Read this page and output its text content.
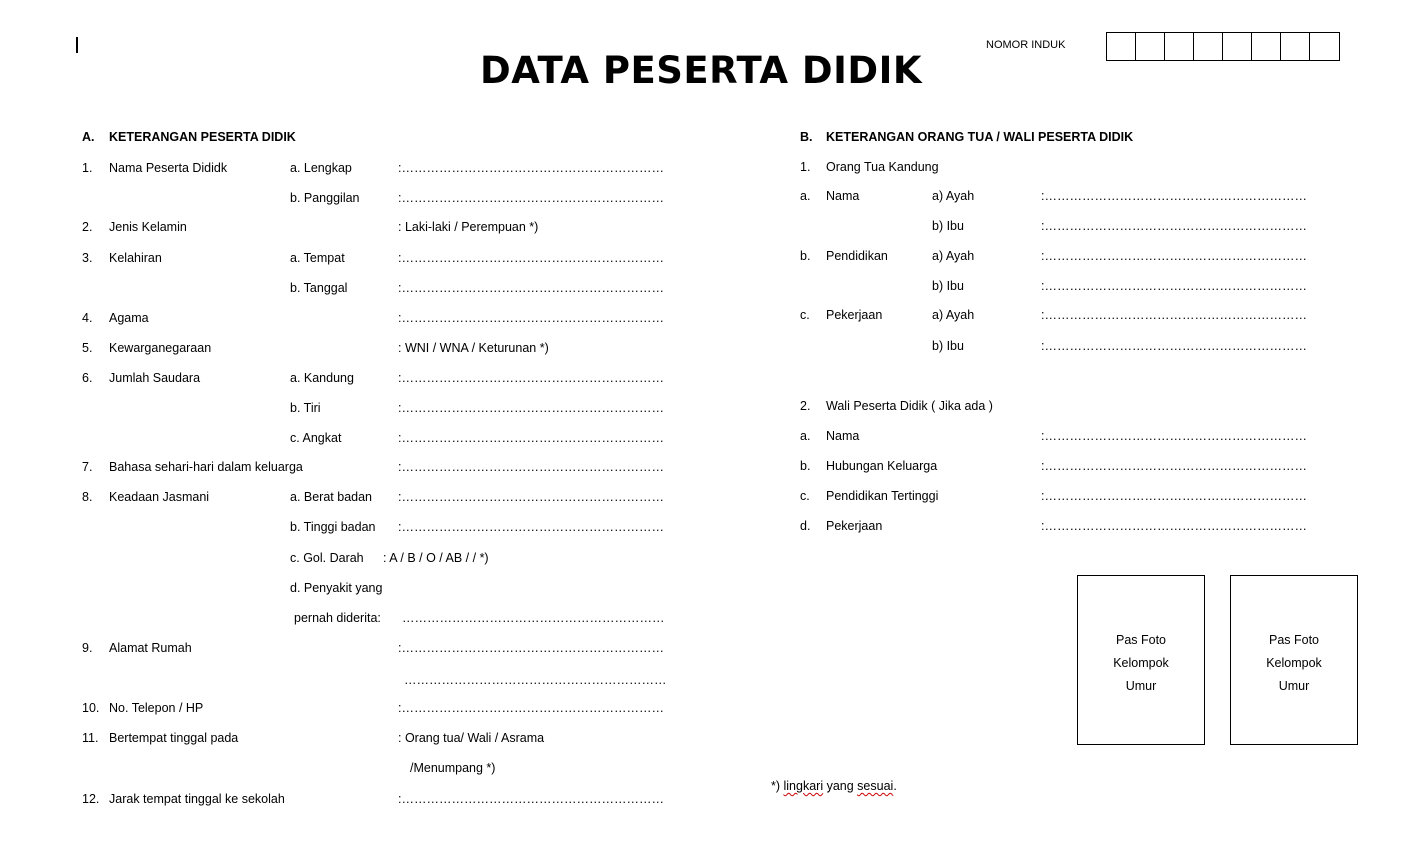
DATA PESERTA DIDIK
NOMOR INDUK
A. KETERANGAN PESERTA DIDIK
1. Nama Peserta Dididk	a. Lengkap	:………………………………………………………
b. Panggilan	:………………………………………………………
2. Jenis Kelamin	: Laki-laki / Perempuan *)
3. Kelahiran	a. Tempat	:………………………………………………………
b. Tanggal	:………………………………………………………
4. Agama	:………………………………………………………
5. Kewarganegaraan	: WNI / WNA / Keturunan *)
6. Jumlah Saudara	a. Kandung	:………………………………………………………
b. Tiri	:………………………………………………………
c. Angkat	:………………………………………………………
7. Bahasa sehari-hari dalam keluarga	:………………………………………………………
8. Keadaan Jasmani	a. Berat badan :………………………………………………………
b. Tinggi badan :………………………………………………………
c. Gol. Darah : A / B / O / AB / / *)
d. Penyakit yang
pernah diderita: ………………………………………………………
9. Alamat Rumah	:………………………………………………………
………………………………………………………
10. No. Telepon / HP	:………………………………………………………
11. Bertempat tinggal pada	: Orang tua/ Wali / Asrama
/Menumpang *)
12. Jarak tempat tinggal ke sekolah	:………………………………………………………
B. KETERANGAN ORANG TUA / WALI PESERTA DIDIK
1. Orang Tua Kandung
a. Nama	a) Ayah	:………………………………………………………
b) Ibu	:………………………………………………………
b. Pendidikan	a) Ayah	:………………………………………………………
b) Ibu	:………………………………………………………
c. Pekerjaan	a) Ayah	:………………………………………………………
b) Ibu	:………………………………………………………
2. Wali Peserta Didik ( Jika ada )
a. Nama	:………………………………………………………
b. Hubungan Keluarga	:………………………………………………………
c. Pendidikan Tertinggi	:………………………………………………………
d. Pekerjaan	:………………………………………………………
Pas Foto
Kelompok
Umur
Pas Foto
Kelompok
Umur
*) lingkari yang sesuai.
